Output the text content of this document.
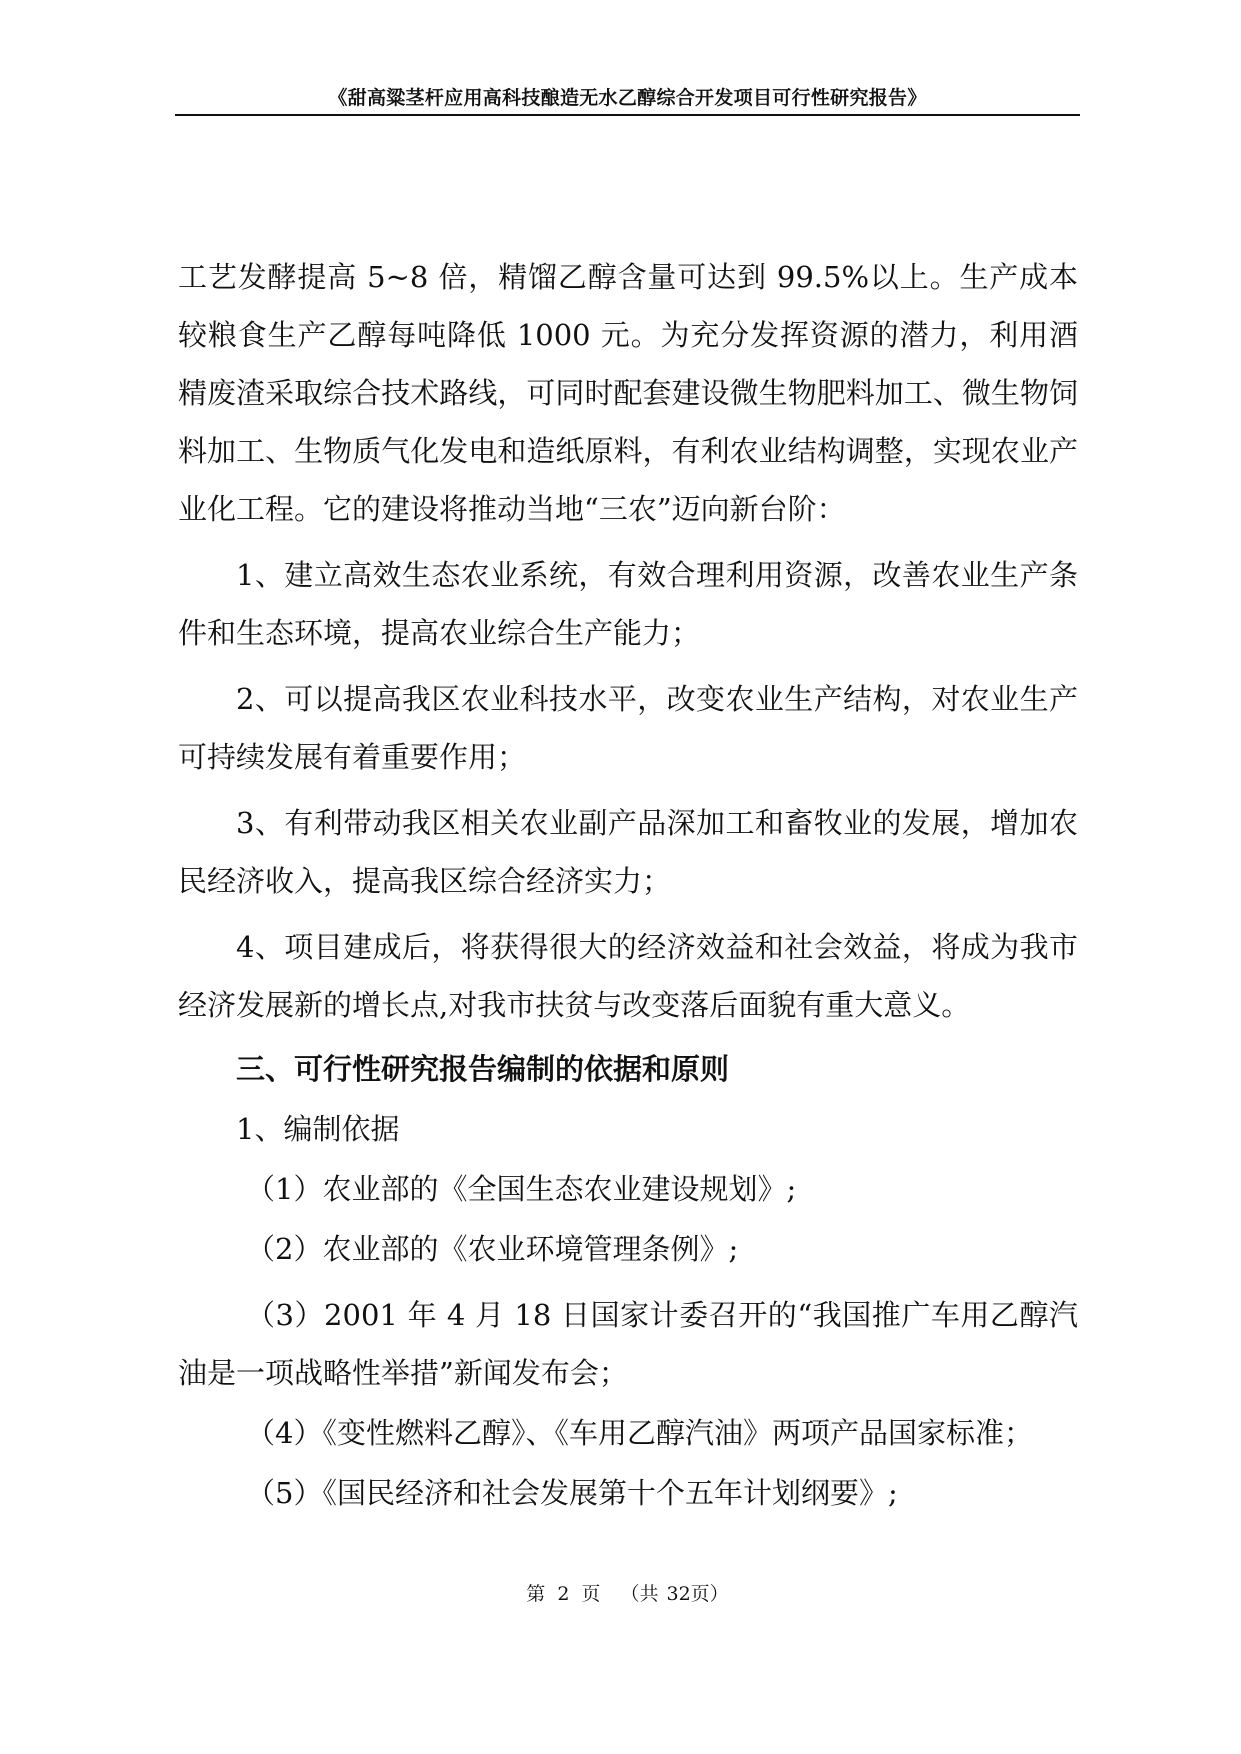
《甜高粱茎杆应用高科技酿造无水乙醇综合开发项目可行性研究报告》

工艺发酵提高 5~8 倍，精馏乙醇含量可达到 99.5%以上。生产成本较粮食生产乙醇每吨降低 1000 元。为充分发挥资源的潜力，利用酒精废渣采取综合技术路线，可同时配套建设微生物肥料加工、微生物饲料加工、生物质气化发电和造纸原料，有利农业结构调整，实现农业产业化工程。它的建设将推动当地“三农”迈向新台阶：

1、建立高效生态农业系统，有效合理利用资源，改善农业生产条件和生态环境，提高农业综合生产能力；

2、可以提高我区农业科技水平，改变农业生产结构，对农业生产可持续发展有着重要作用；

3、有利带动我区相关农业副产品深加工和畜牧业的发展，增加农民经济收入，提高我区综合经济实力；

4、项目建成后，将获得很大的经济效益和社会效益，将成为我市经济发展新的增长点,对我市扶贫与改变落后面貌有重大意义。

三、可行性研究报告编制的依据和原则

1、编制依据

（1）农业部的《全国生态农业建设规划》;

（2）农业部的《农业环境管理条例》;

（3）2001 年 4 月 18 日国家计委召开的“我国推广车用乙醇汽油是一项战略性举措”新闻发布会；

（4）《变性燃料乙醇》、《车用乙醇汽油》两项产品国家标准；

（5）《国民经济和社会发展第十个五年计划纲要》;

第 2 页 （共 32页）
